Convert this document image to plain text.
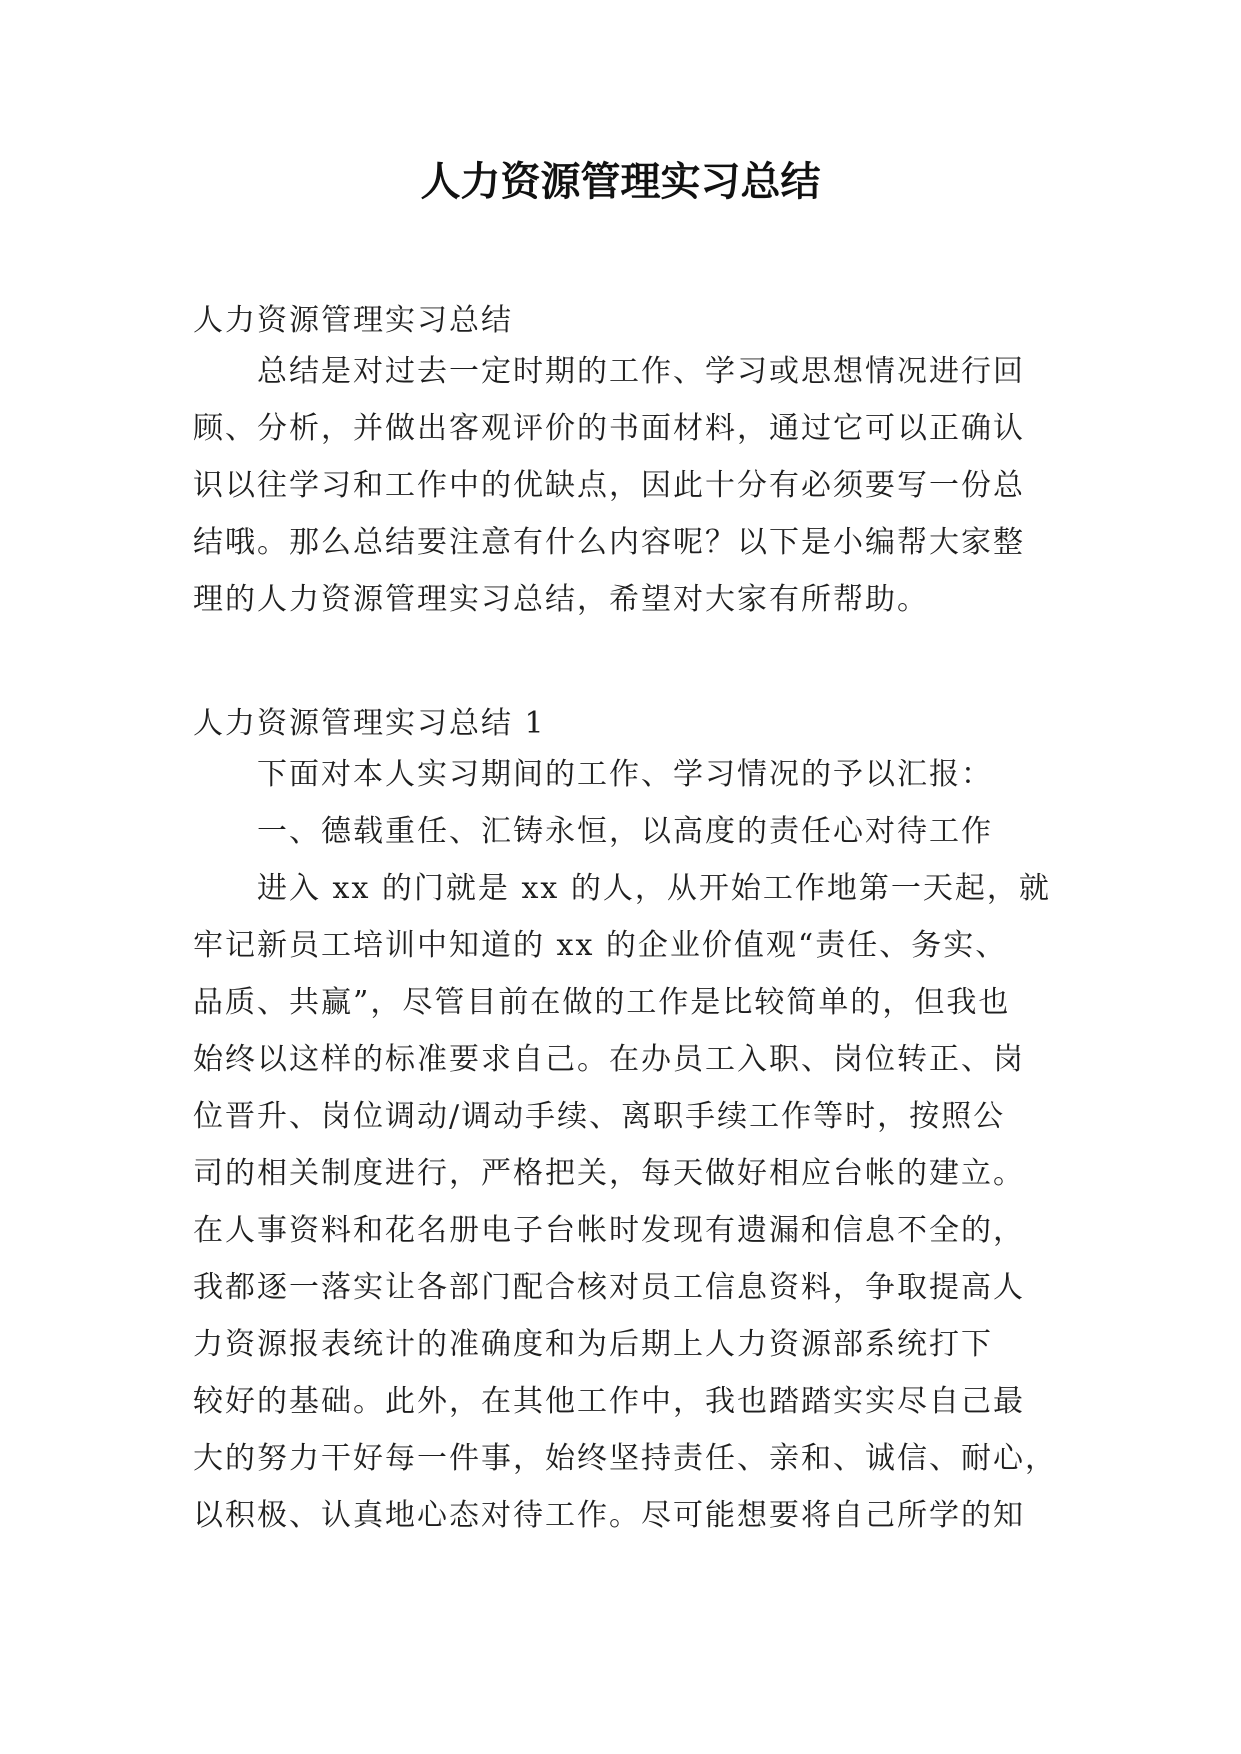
人力资源管理实习总结
人力资源管理实习总结
总结是对过去一定时期的工作、学习或思想情况进行回
顾、分析，并做出客观评价的书面材料，通过它可以正确认
识以往学习和工作中的优缺点，因此十分有必须要写一份总
结哦。那么总结要注意有什么内容呢？以下是小编帮大家整
理的人力资源管理实习总结，希望对大家有所帮助。
人力资源管理实习总结 1
下面对本人实习期间的工作、学习情况的予以汇报：
一、德载重任、汇铸永恒，以高度的责任心对待工作
进入 xx 的门就是 xx 的人，从开始工作地第一天起，就
牢记新员工培训中知道的 xx 的企业价值观“责任、务实、
品质、共赢”，尽管目前在做的工作是比较简单的，但我也
始终以这样的标准要求自己。在办员工入职、岗位转正、岗
位晋升、岗位调动/调动手续、离职手续工作等时，按照公
司的相关制度进行，严格把关，每天做好相应台帐的建立。
在人事资料和花名册电子台帐时发现有遗漏和信息不全的，
我都逐一落实让各部门配合核对员工信息资料，争取提高人
力资源报表统计的准确度和为后期上人力资源部系统打下
较好的基础。此外，在其他工作中，我也踏踏实实尽自己最
大的努力干好每一件事，始终坚持责任、亲和、诚信、耐心，
以积极、认真地心态对待工作。尽可能想要将自己所学的知
